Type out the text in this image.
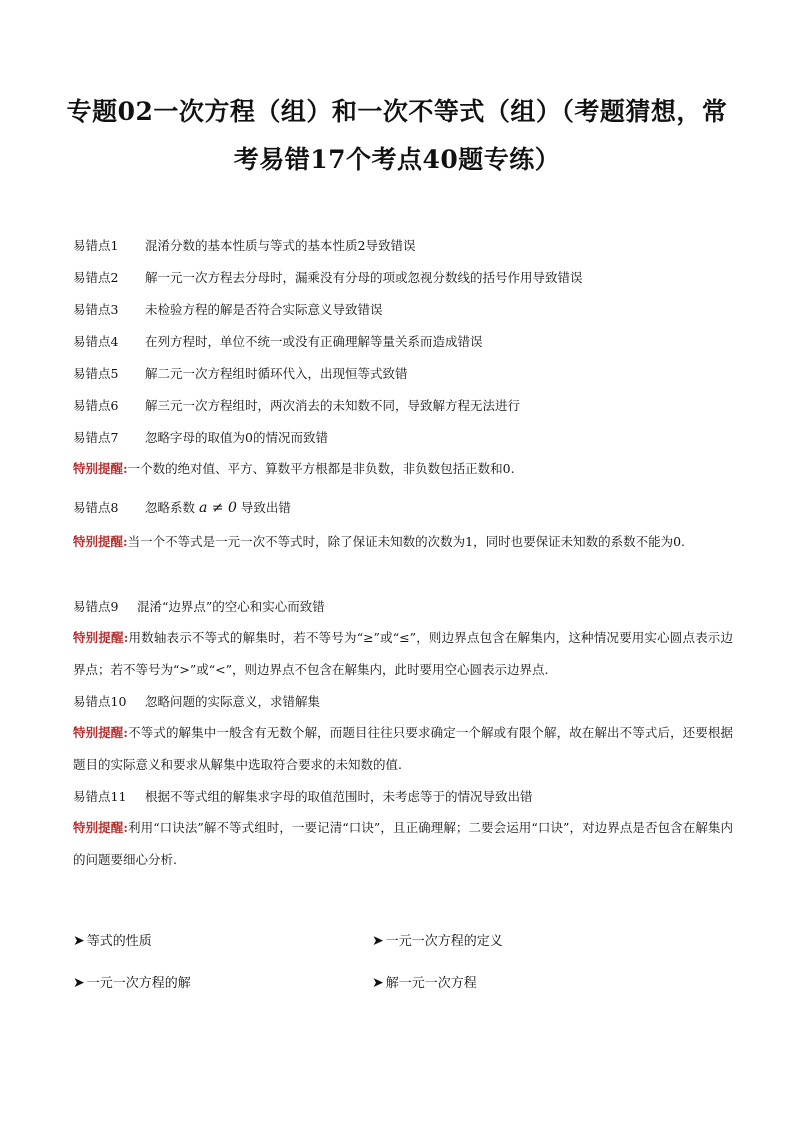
专题02一次方程（组）和一次不等式（组）（考题猜想，常
考易错17个考点40题专练）
易错点1 混淆分数的基本性质与等式的基本性质2导致错误
易错点2 解一元一次方程去分母时，漏乘没有分母的项或忽视分数线的括号作用导致错误
易错点3 未检验方程的解是否符合实际意义导致错误
易错点4 在列方程时，单位不统一或没有正确理解等量关系而造成错误
易错点5 解二元一次方程组时循环代入，出现恒等式致错
易错点6 解三元一次方程组时，两次消去的未知数不同，导致解方程无法进行
易错点7 忽略字母的取值为0的情况而致错
特别提醒:一个数的绝对值、平方、算数平方根都是非负数，非负数包括正数和0.
易错点8 忽略系数 a ≠ 0 导致出错
特别提醒:当一个不等式是一元一次不等式时，除了保证未知数的次数为1，同时也要保证未知数的系数不能为0.
易错点9 混淆“边界点”的空心和实心而致错
特别提醒:用数轴表示不等式的解集时，若不等号为“≥”或“≤”，则边界点包含在解集内，这种情况要用实心圆点表示边界点；若不等号为“>”或“<”，则边界点不包含在解集内，此时要用空心圆表示边界点.
易错点10 忽略问题的实际意义，求错解集
特别提醒:不等式的解集中一般含有无数个解，而题目往往只要求确定一个解或有限个解，故在解出不等式后，还要根据题目的实际意义和要求从解集中选取符合要求的未知数的值.
易错点11 根据不等式组的解集求字母的取值范围时，未考虑等于的情况导致出错
特别提醒:利用“口诀法”解不等式组时，一要记清“口诀”，且正确理解；二要会运用“口诀”，对边界点是否包含在解集内的问题要细心分析.
➤ 等式的性质	➤ 一元一次方程的定义
➤ 一元一次方程的解	➤ 解一元一次方程
